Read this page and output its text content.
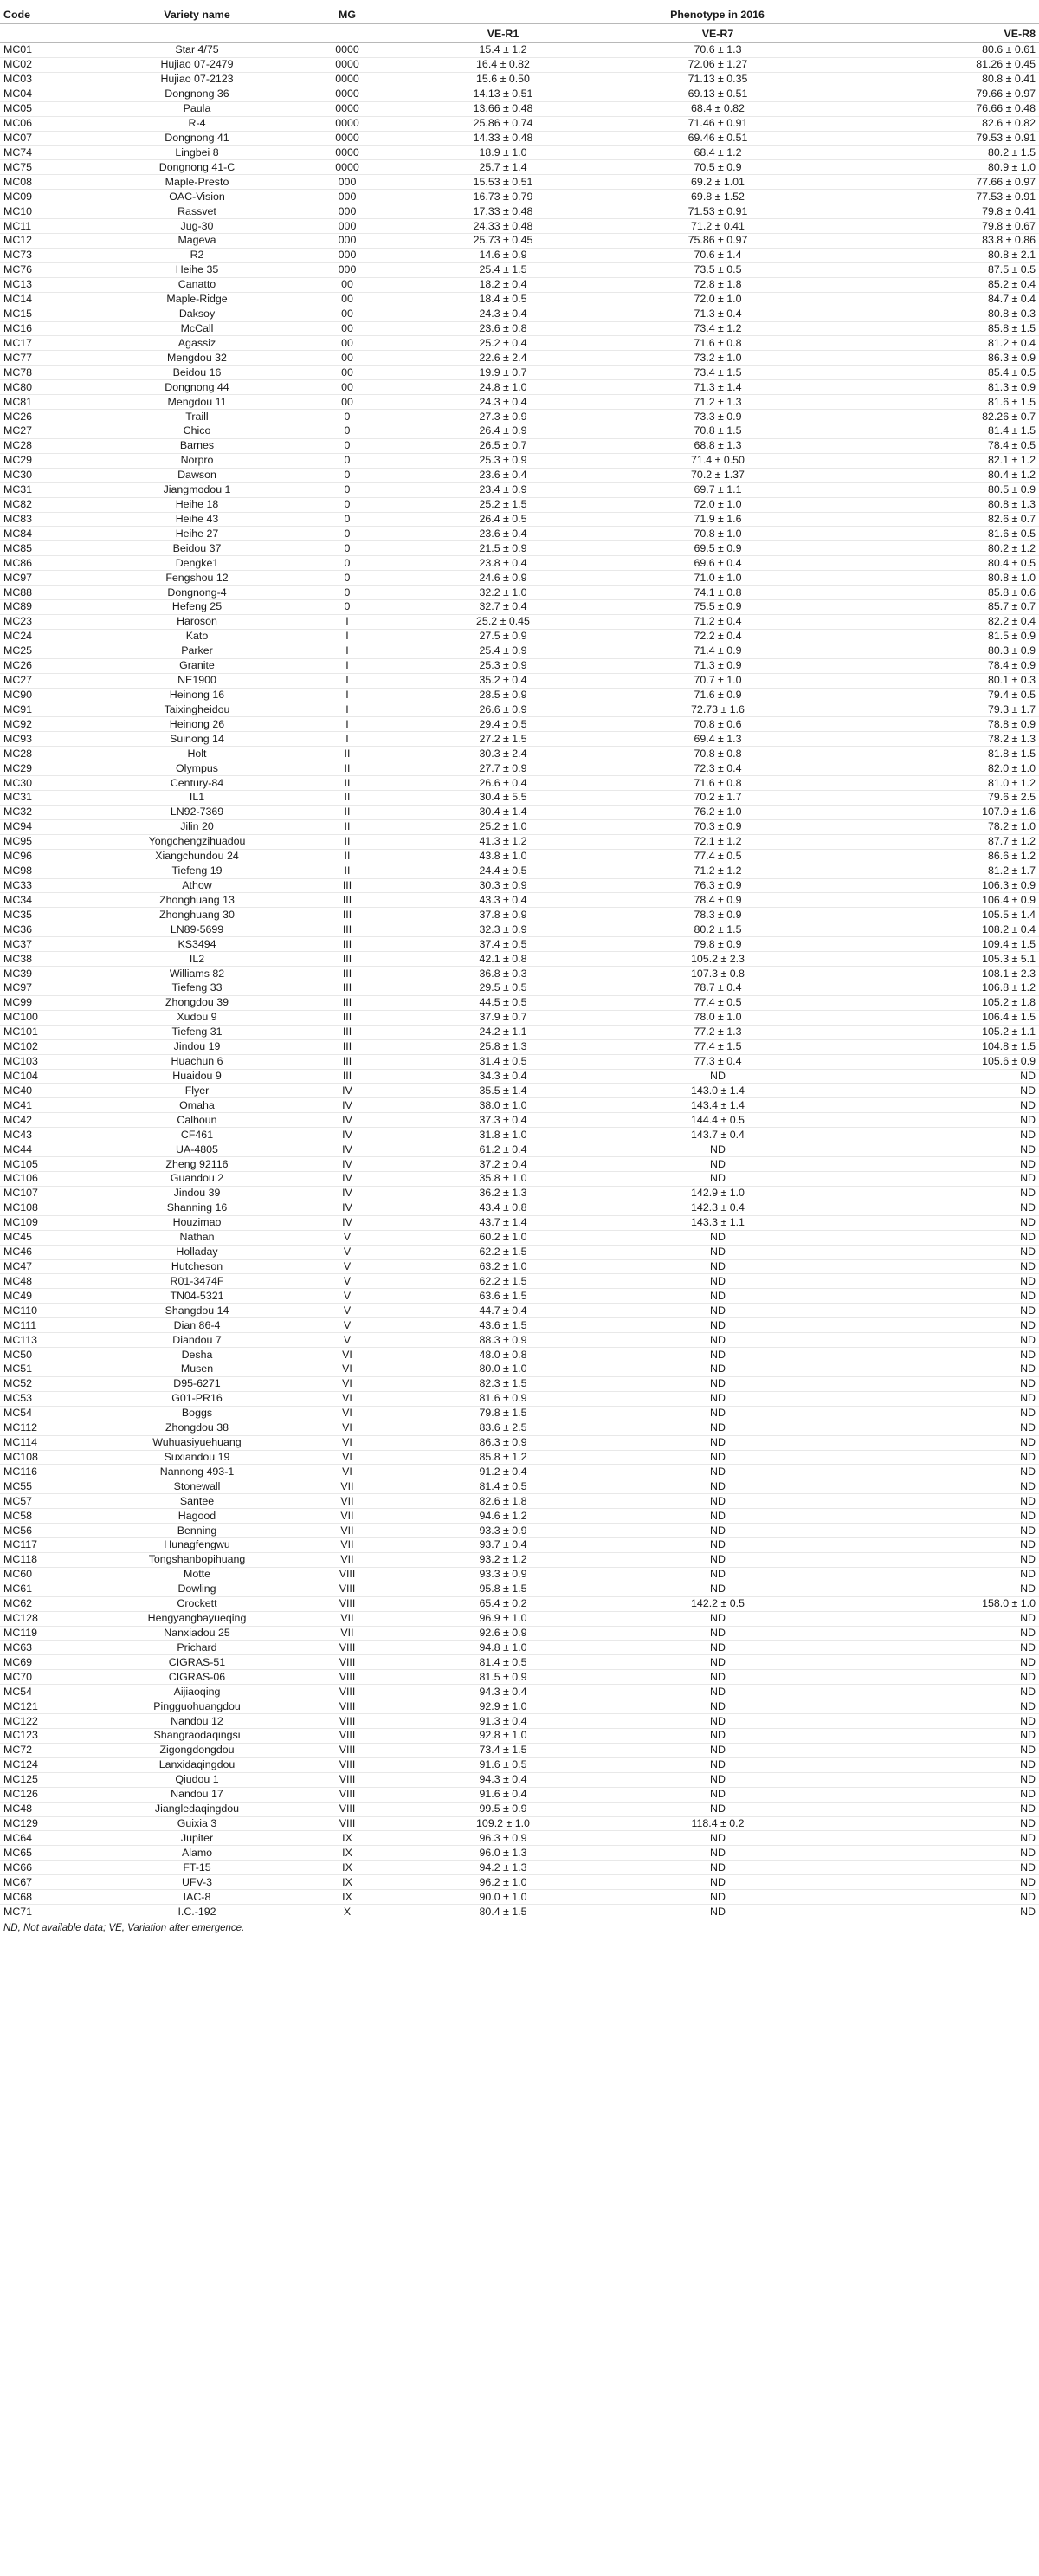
Code	Variety name	MG	Phenotype in 2016		
			VE-R1	VE-R7	VE-R8
MC01	Star 4/75	0000	15.4 ± 1.2	70.6 ± 1.3	80.6 ± 0.61
MC02	Hujiao 07-2479	0000	16.4 ± 0.82	72.06 ± 1.27	81.26 ± 0.45
MC03	Hujiao 07-2123	0000	15.6 ± 0.50	71.13 ± 0.35	80.8 ± 0.41
MC04	Dongnong 36	0000	14.13 ± 0.51	69.13 ± 0.51	79.66 ± 0.97
MC05	Paula	0000	13.66 ± 0.48	68.4 ± 0.82	76.66 ± 0.48
MC06	R-4	0000	25.86 ± 0.74	71.46 ± 0.91	82.6 ± 0.82
MC07	Dongnong 41	0000	14.33 ± 0.48	69.46 ± 0.51	79.53 ± 0.91
MC74	Lingbei 8	0000	18.9 ± 1.0	68.4 ± 1.2	80.2 ± 1.5
MC75	Dongnong 41-C	0000	25.7 ± 1.4	70.5 ± 0.9	80.9 ± 1.0
MC08	Maple-Presto	000	15.53 ± 0.51	69.2 ± 1.01	77.66 ± 0.97
MC09	OAC-Vision	000	16.73 ± 0.79	69.8 ± 1.52	77.53 ± 0.91
MC10	Rassvet	000	17.33 ± 0.48	71.53 ± 0.91	79.8 ± 0.41
MC11	Jug-30	000	24.33 ± 0.48	71.2 ± 0.41	79.8 ± 0.67
MC12	Mageva	000	25.73 ± 0.45	75.86 ± 0.97	83.8 ± 0.86
MC73	R2	000	14.6 ± 0.9	70.6 ± 1.4	80.8 ± 2.1
MC76	Heihe 35	000	25.4 ± 1.5	73.5 ± 0.5	87.5 ± 0.5
MC13	Canatto	00	18.2 ± 0.4	72.8 ± 1.8	85.2 ± 0.4
MC14	Maple-Ridge	00	18.4 ± 0.5	72.0 ± 1.0	84.7 ± 0.4
MC15	Daksoy	00	24.3 ± 0.4	71.3 ± 0.4	80.8 ± 0.3
MC16	McCall	00	23.6 ± 0.8	73.4 ± 1.2	85.8 ± 1.5
MC17	Agassiz	00	25.2 ± 0.4	71.6 ± 0.8	81.2 ± 0.4
MC77	Mengdou 32	00	22.6 ± 2.4	73.2 ± 1.0	86.3 ± 0.9
MC78	Beidou 16	00	19.9 ± 0.7	73.4 ± 1.5	85.4 ± 0.5
MC80	Dongnong 44	00	24.8 ± 1.0	71.3 ± 1.4	81.3 ± 0.9
MC81	Mengdou 11	00	24.3 ± 0.4	71.2 ± 1.3	81.6 ± 1.5
MC26	Traill	0	27.3 ± 0.9	73.3 ± 0.9	82.26 ± 0.7
MC27	Chico	0	26.4 ± 0.9	70.8 ± 1.5	81.4 ± 1.5
MC28	Barnes	0	26.5 ± 0.7	68.8 ± 1.3	78.4 ± 0.5
MC29	Norpro	0	25.3 ± 0.9	71.4 ± 0.50	82.1 ± 1.2
MC30	Dawson	0	23.6 ± 0.4	70.2 ± 1.37	80.4 ± 1.2
MC31	Jiangmodou 1	0	23.4 ± 0.9	69.7 ± 1.1	80.5 ± 0.9
MC82	Heihe 18	0	25.2 ± 1.5	72.0 ± 1.0	80.8 ± 1.3
MC83	Heihe 43	0	26.4 ± 0.5	71.9 ± 1.6	82.6 ± 0.7
MC84	Heihe 27	0	23.6 ± 0.4	70.8 ± 1.0	81.6 ± 0.5
MC85	Beidou 37	0	21.5 ± 0.9	69.5 ± 0.9	80.2 ± 1.2
MC86	Dengke1	0	23.8 ± 0.4	69.6 ± 0.4	80.4 ± 0.5
MC97	Fengshou 12	0	24.6 ± 0.9	71.0 ± 1.0	80.8 ± 1.0
MC88	Dongnong-4	0	32.2 ± 1.0	74.1 ± 0.8	85.8 ± 0.6
MC89	Hefeng 25	0	32.7 ± 0.4	75.5 ± 0.9	85.7 ± 0.7
MC23	Haroson	I	25.2 ± 0.45	71.2 ± 0.4	82.2 ± 0.4
MC24	Kato	I	27.5 ± 0.9	72.2 ± 0.4	81.5 ± 0.9
MC25	Parker	I	25.4 ± 0.9	71.4 ± 0.9	80.3 ± 0.9
MC26	Granite	I	25.3 ± 0.9	71.3 ± 0.9	78.4 ± 0.9
MC27	NE1900	I	35.2 ± 0.4	70.7 ± 1.0	80.1 ± 0.3
MC90	Heinong 16	I	28.5 ± 0.9	71.6 ± 0.9	79.4 ± 0.5
MC91	Taixingheidou	I	26.6 ± 0.9	72.73 ± 1.6	79.3 ± 1.7
MC92	Heinong 26	I	29.4 ± 0.5	70.8 ± 0.6	78.8 ± 0.9
MC93	Suinong 14	I	27.2 ± 1.5	69.4 ± 1.3	78.2 ± 1.3
MC28	Holt	II	30.3 ± 2.4	70.8 ± 0.8	81.8 ± 1.5
MC29	Olympus	II	27.7 ± 0.9	72.3 ± 0.4	82.0 ± 1.0
MC30	Century-84	II	26.6 ± 0.4	71.6 ± 0.8	81.0 ± 1.2
MC31	IL1	II	30.4 ± 5.5	70.2 ± 1.7	79.6 ± 2.5
MC32	LN92-7369	II	30.4 ± 1.4	76.2 ± 1.0	107.9 ± 1.6
MC94	Jilin 20	II	25.2 ± 1.0	70.3 ± 0.9	78.2 ± 1.0
MC95	Yongchengzihuadou	II	41.3 ± 1.2	72.1 ± 1.2	87.7 ± 1.2
MC96	Xiangchundou 24	II	43.8 ± 1.0	77.4 ± 0.5	86.6 ± 1.2
MC98	Tiefeng 19	II	24.4 ± 0.5	71.2 ± 1.2	81.2 ± 1.7
MC33	Athow	III	30.3 ± 0.9	76.3 ± 0.9	106.3 ± 0.9
MC34	Zhonghuang 13	III	43.3 ± 0.4	78.4 ± 0.9	106.4 ± 0.9
MC35	Zhonghuang 30	III	37.8 ± 0.9	78.3 ± 0.9	105.5 ± 1.4
MC36	LN89-5699	III	32.3 ± 0.9	80.2 ± 1.5	108.2 ± 0.4
MC37	KS3494	III	37.4 ± 0.5	79.8 ± 0.9	109.4 ± 1.5
MC38	IL2	III	42.1 ± 0.8	105.2 ± 2.3	105.3 ± 5.1
MC39	Williams 82	III	36.8 ± 0.3	107.3 ± 0.8	108.1 ± 2.3
MC97	Tiefeng 33	III	29.5 ± 0.5	78.7 ± 0.4	106.8 ± 1.2
MC99	Zhongdou 39	III	44.5 ± 0.5	77.4 ± 0.5	105.2 ± 1.8
MC100	Xudou 9	III	37.9 ± 0.7	78.0 ± 1.0	106.4 ± 1.5
MC101	Tiefeng 31	III	24.2 ± 1.1	77.2 ± 1.3	105.2 ± 1.1
MC102	Jindou 19	III	25.8 ± 1.3	77.4 ± 1.5	104.8 ± 1.5
MC103	Huachun 6	III	31.4 ± 0.5	77.3 ± 0.4	105.6 ± 0.9
MC104	Huaidou 9	III	34.3 ± 0.4	ND	ND
MC40	Flyer	IV	35.5 ± 1.4	143.0 ± 1.4	ND
MC41	Omaha	IV	38.0 ± 1.0	143.4 ± 1.4	ND
MC42	Calhoun	IV	37.3 ± 0.4	144.4 ± 0.5	ND
MC43	CF461	IV	31.8 ± 1.0	143.7 ± 0.4	ND
MC44	UA-4805	IV	61.2 ± 0.4	ND	ND
MC105	Zheng 92116	IV	37.2 ± 0.4	ND	ND
MC106	Guandou 2	IV	35.8 ± 1.0	ND	ND
MC107	Jindou 39	IV	36.2 ± 1.3	142.9 ± 1.0	ND
MC108	Shanning 16	IV	43.4 ± 0.8	142.3 ± 0.4	ND
MC109	Houzimao	IV	43.7 ± 1.4	143.3 ± 1.1	ND
MC45	Nathan	V	60.2 ± 1.0	ND	ND
MC46	Holladay	V	62.2 ± 1.5	ND	ND
MC47	Hutcheson	V	63.2 ± 1.0	ND	ND
MC48	R01-3474F	V	62.2 ± 1.5	ND	ND
MC49	TN04-5321	V	63.6 ± 1.5	ND	ND
MC110	Shangdou 14	V	44.7 ± 0.4	ND	ND
MC111	Dian 86-4	V	43.6 ± 1.5	ND	ND
MC113	Diandou 7	V	88.3 ± 0.9	ND	ND
MC50	Desha	VI	48.0 ± 0.8	ND	ND
MC51	Musen	VI	80.0 ± 1.0	ND	ND
MC52	D95-6271	VI	82.3 ± 1.5	ND	ND
MC53	G01-PR16	VI	81.6 ± 0.9	ND	ND
MC54	Boggs	VI	79.8 ± 1.5	ND	ND
MC112	Zhongdou 38	VI	83.6 ± 2.5	ND	ND
MC114	Wuhuasiyuehuang	VI	86.3 ± 0.9	ND	ND
MC108	Suxiandou 19	VI	85.8 ± 1.2	ND	ND
MC116	Nannong 493-1	VI	91.2 ± 0.4	ND	ND
MC55	Stonewall	VII	81.4 ± 0.5	ND	ND
MC57	Santee	VII	82.6 ± 1.8	ND	ND
MC58	Hagood	VII	94.6 ± 1.2	ND	ND
MC56	Benning	VII	93.3 ± 0.9	ND	ND
MC117	Hunagfengwu	VII	93.7 ± 0.4	ND	ND
MC118	Tongshanbopihuang	VII	93.2 ± 1.2	ND	ND
MC60	Motte	VIII	93.3 ± 0.9	ND	ND
MC61	Dowling	VIII	95.8 ± 1.5	ND	ND
MC62	Crockett	VIII	65.4 ± 0.2	142.2 ± 0.5	158.0 ± 1.0
MC128	Hengyangbayueqing	VII	96.9 ± 1.0	ND	ND
MC119	Nanxiadou 25	VII	92.6 ± 0.9	ND	ND
MC63	Prichard	VIII	94.8 ± 1.0	ND	ND
MC69	CIGRAS-51	VIII	81.4 ± 0.5	ND	ND
MC70	CIGRAS-06	VIII	81.5 ± 0.9	ND	ND
MC54	Aijiaoqing	VIII	94.3 ± 0.4	ND	ND
MC121	Pingguohuangdou	VIII	92.9 ± 1.0	ND	ND
MC122	Nandou 12	VIII	91.3 ± 0.4	ND	ND
MC123	Shangraodaqingsi	VIII	92.8 ± 1.0	ND	ND
MC72	Zigongdongdou	VIII	73.4 ± 1.5	ND	ND
MC124	Lanxidaqingdou	VIII	91.6 ± 0.5	ND	ND
MC125	Qiudou 1	VIII	94.3 ± 0.4	ND	ND
MC126	Nandou 17	VIII	91.6 ± 0.4	ND	ND
MC48	Jiangledaqingdou	VIII	99.5 ± 0.9	ND	ND
MC129	Guixia 3	VIII	109.2 ± 1.0	118.4 ± 0.2	ND
MC64	Jupiter	IX	96.3 ± 0.9	ND	ND
MC65	Alamo	IX	96.0 ± 1.3	ND	ND
MC66	FT-15	IX	94.2 ± 1.3	ND	ND
MC67	UFV-3	IX	96.2 ± 1.0	ND	ND
MC68	IAC-8	IX	90.0 ± 1.0	ND	ND
MC71	I.C.-192	X	80.4 ± 1.5	ND	ND
ND, Not available data; VE, Variation after emergence.
